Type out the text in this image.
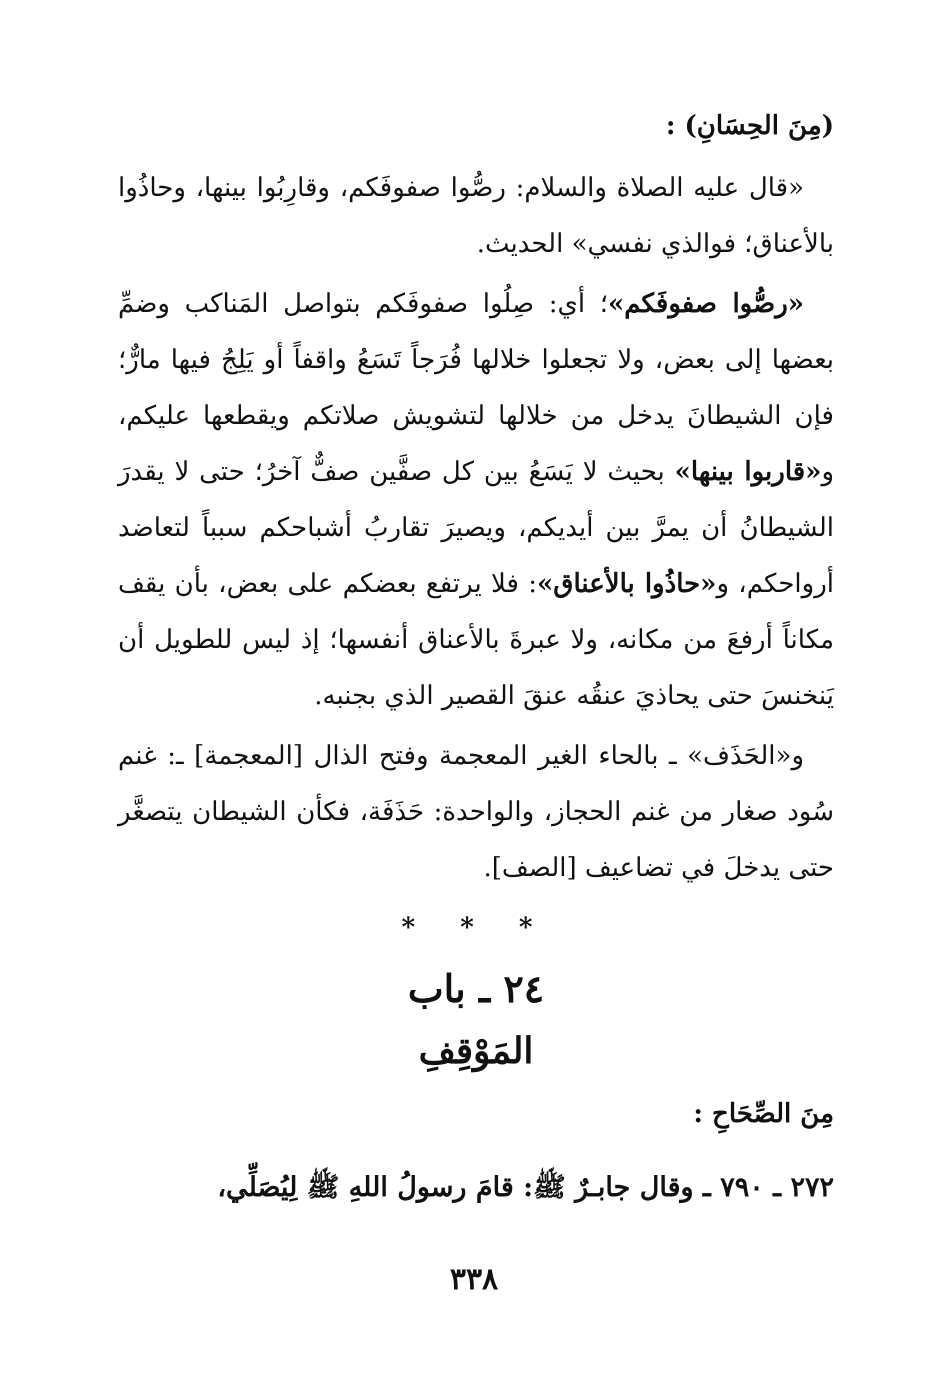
(مِنَ الحِسَانِ) :

«قال عليه الصلاة والسلام: رصُّوا صفوفَكم، وقارِبُوا بينها، وحاذُوا بالأعناق؛ فوالذي نفسي» الحديث.

«رصُّوا صفوفَكم»؛ أي: صِلُوا صفوفَكم بتواصل المَناكب وضمِّ بعضها إلى بعض، ولا تجعلوا خلالها فُرَجاً تَسَعُ واقفاً أو يَلِجُ فيها مارٌّ؛ فإن الشيطانَ يدخل من خلالها لتشويش صلاتكم ويقطعها عليكم، و«قاربوا بينها» بحيث لا يَسَعُ بين كل صفَّين صفٌّ آخرُ؛ حتى لا يقدرَ الشيطانُ أن يمرَّ بين أيديكم، ويصيرَ تقاربُ أشباحكم سبباً لتعاضد أرواحكم، و«حاذُوا بالأعناق»: فلا يرتفع بعضكم على بعض، بأن يقف مكاناً أرفعَ من مكانه، ولا عبرةَ بالأعناق أنفسها؛ إذ ليس للطويل أن يَنخنسَ حتى يحاذيَ عنقُه عنقَ القصير الذي بجنبه.

و«الحَذَف» ـ بالحاء الغير المعجمة وفتح الذال [المعجمة] ـ: غنم سُود صغار من غنم الحجاز، والواحدة: حَذَفَة، فكأن الشيطان يتصغَّر حتى يدخلَ في تضاعيف [الصف].

* * *
٢٤ ـ باب
المَوْقِفِ

مِنَ الصِّحَاحِ :

٢٧٢ ـ ٧٩٠ ـ وقال جابـرٌ ﷺ: قامَ رسولُ اللهِ ﷺ لِيُصَلِّي،

٣٣٨
